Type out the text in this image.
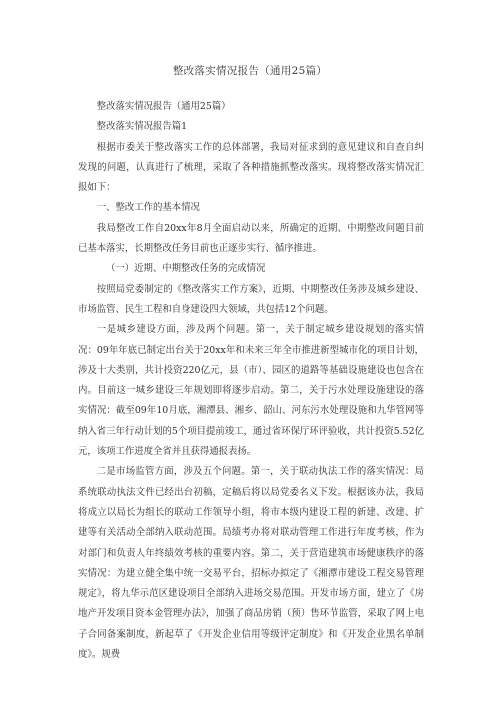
整改落实情况报告（通用25篇）

整改落实情况报告（通用25篇）

整改落实情况报告篇1

根据市委关于整改落实工作的总体部署，我局对征求到的意见建议和自查自纠发现的问题，认真进行了梳理，采取了各种措施抓整改落实。现将整改落实情况汇报如下：

一、整改工作的基本情况

我局整改工作自20xx年8月全面启动以来，所确定的近期、中期整改问题目前已基本落实，长期整改任务目前也正逐步实行、循序推进。

（一）近期、中期整改任务的完成情况

按照局党委制定的《整改落实工作方案》，近期、中期整改任务涉及城乡建设、市场监管、民生工程和自身建设四大领域，共包括12个问题。

一是城乡建设方面，涉及两个问题。第一，关于制定城乡建设规划的落实情况：09年年底已制定出台关于20xx年和未来三年全市推进新型城市化的项目计划，涉及十大类别，共计投资220亿元，县（市）、园区的道路等基础设施建设也包含在内。目前这一城乡建设三年规划即将逐步启动。第二，关于污水处理设施建设的落实情况：截至09年10月底，湘潭县、湘乡、韶山、河东污水处理设施和九华管网等纳入省三年行动计划的5个项目提前竣工，通过省环保厅环评验收，共计投资5.52亿元，该项工作进度全省并且获得通报表扬。

二是市场监管方面，涉及五个问题。第一，关于联动执法工作的落实情况：局系统联动执法文件已经出台初稿，定稿后将以局党委名义下发。根据该办法，我局将成立以局长为组长的联动工作领导小组，将市本级内建设工程的新建、改建、扩建等有关活动全部纳入联动范围。局绩考办将对联动管理工作进行年度考核，作为对部门和负责人年终绩效考核的重要内容。第二，关于营造建筑市场健康秩序的落实情况：为建立健全集中统一交易平台，招标办拟定了《湘潭市建设工程交易管理规定》，将九华示范区建设项目全部纳入进场交易范围。开发市场方面，建立了《房地产开发项目资本金管理办法》，加强了商品房销（预）售环节监管，采取了网上电子合同备案制度，新起草了《开发企业信用等级评定制度》和《开发企业黑名单制度》。规费
